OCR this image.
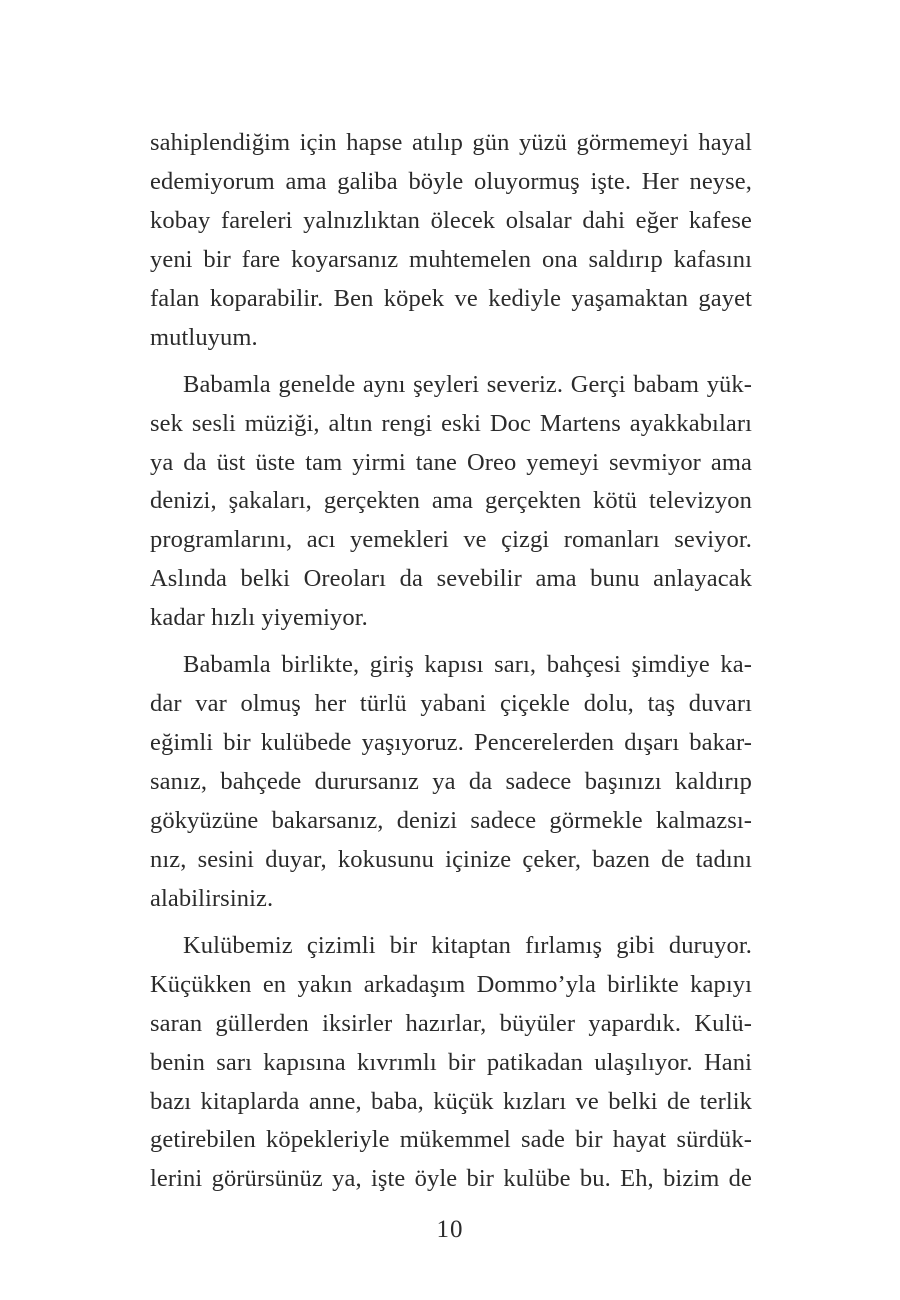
sahiplendiğim için hapse atılıp gün yüzü görmemeyi hayal
edemiyorum ama galiba böyle oluyormuş işte. Her neyse,
kobay fareleri yalnızlıktan ölecek olsalar dahi eğer kafese
yeni bir fare koyarsanız muhtemelen ona saldırıp kafasını
falan koparabilir. Ben köpek ve kediyle yaşamaktan gayet
mutluyum.
Babamla genelde aynı şeyleri severiz. Gerçi babam yük-
sek sesli müziği, altın rengi eski Doc Martens ayakkabıları
ya da üst üste tam yirmi tane Oreo yemeyi sevmiyor ama
denizi, şakaları, gerçekten ama gerçekten kötü televizyon
programlarını, acı yemekleri ve çizgi romanları seviyor.
Aslında belki Oreoları da sevebilir ama bunu anlayacak
kadar hızlı yiyemiyor.
Babamla birlikte, giriş kapısı sarı, bahçesi şimdiye ka-
dar var olmuş her türlü yabani çiçekle dolu, taş duvarı
eğimli bir kulübede yaşıyoruz. Pencerelerden dışarı bakar-
sanız, bahçede durursanız ya da sadece başınızı kaldırıp
gökyüzüne bakarsanız, denizi sadece görmekle kalmazsı-
nız, sesini duyar, kokusunu içinize çeker, bazen de tadını
alabilirsiniz.
Kulübemiz çizimli bir kitaptan fırlamış gibi duruyor.
Küçükken en yakın arkadaşım Dommo’yla birlikte kapıyı
saran güllerden iksirler hazırlar, büyüler yapardık. Kulü-
benin sarı kapısına kıvrımlı bir patikadan ulaşılıyor. Hani
bazı kitaplarda anne, baba, küçük kızları ve belki de terlik
getirebilen köpekleriyle mükemmel sade bir hayat sürdük-
lerini görürsünüz ya, işte öyle bir kulübe bu. Eh, bizim de
10
